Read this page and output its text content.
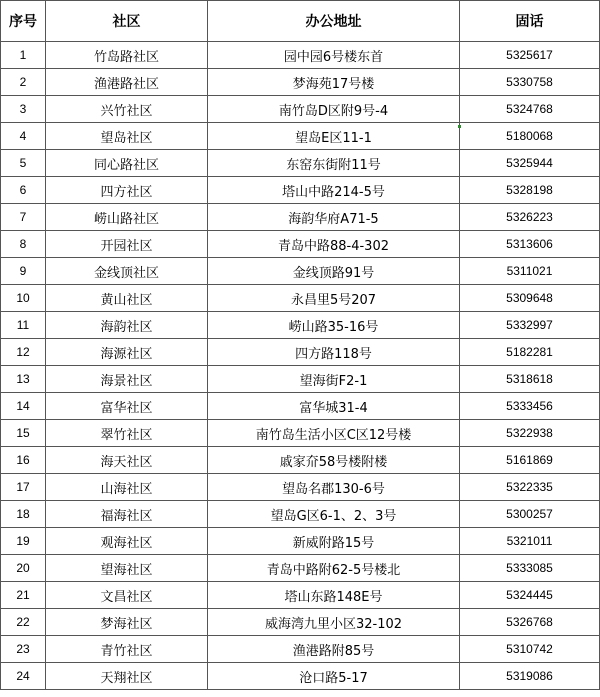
序号	社区	办公地址	固话
1	竹岛路社区	园中园6号楼东首	5325617
2	渔港路社区	梦海苑17号楼	5330758
3	兴竹社区	南竹岛D区附9号-4	5324768
4	望岛社区	望岛E区11-1	5180068
5	同心路社区	东窑东街附11号	5325944
6	四方社区	塔山中路214-5号	5328198
7	崂山路社区	海韵华府A71-5	5326223
8	开园社区	青岛中路88-4-302	5313606
9	金线顶社区	金线顶路91号	5311021
10	黄山社区	永昌里5号207	5309648
11	海韵社区	崂山路35-16号	5332997
12	海源社区	四方路118号	5182281
13	海景社区	望海街F2-1	5318618
14	富华社区	富华城31-4	5333456
15	翠竹社区	南竹岛生活小区C区12号楼	5322938
16	海天社区	戚家夼58号楼附楼	5161869
17	山海社区	望岛名郡130-6号	5322335
18	福海社区	望岛G区6-1、2、3号	5300257
19	观海社区	新威附路15号	5321011
20	望海社区	青岛中路附62-5号楼北	5333085
21	文昌社区	塔山东路148E号	5324445
22	梦海社区	威海湾九里小区32-102	5326768
23	青竹社区	渔港路附85号	5310742
24	天翔社区	沧口路5-17	5319086
